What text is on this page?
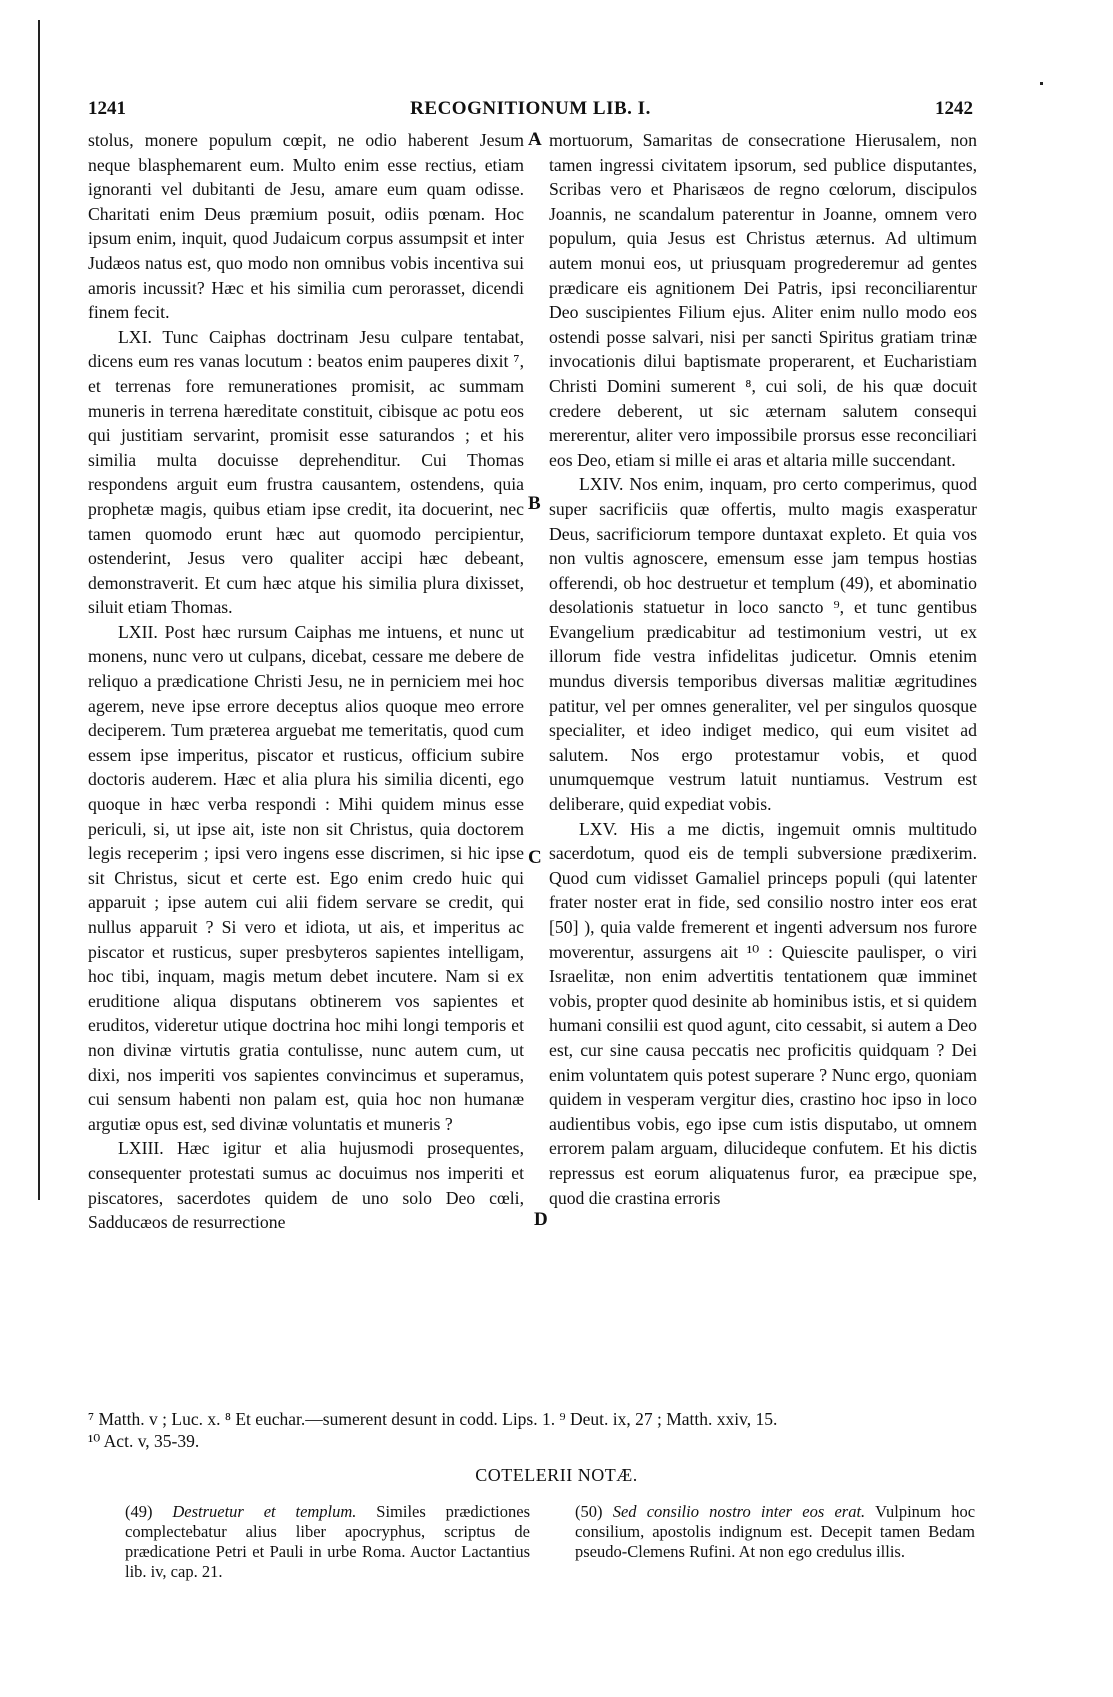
1241	RECOGNITIONUM LIB. I.	1242

stolus, monere populum cœpit, ne odio haberent Jesum neque blasphemarent eum. Multo enim esse rectius, etiam ignoranti vel dubitanti de Jesu, amare eum quam odisse. Charitati enim Deus præmium posuit, odiis pœnam. Hoc ipsum enim, inquit, quod Judaicum corpus assumpsit et inter Judæos natus est, quo modo non omnibus vobis incentiva sui amoris incussit? Hæc et his similia cum perorasset, dicendi finem fecit.

LXI. Tunc Caiphas doctrinam Jesu culpare tentabat, dicens eum res vanas locutum : beatos enim pauperes dixit ⁷, et terrenas fore remunerationes promisit, ac summam muneris in terrena hæreditate constituit, cibisque ac potu eos qui justitiam servarint, promisit esse saturandos ; et his similia multa docuisse deprehenditur. Cui Thomas respondens arguit eum frustra causantem, ostendens, quia prophetæ magis, quibus etiam ipse credit, ita docuerint, nec tamen quomodo erunt hæc aut quomodo percipientur, ostenderint, Jesus vero qualiter accipi hæc debeant, demonstraverit. Et cum hæc atque his similia plura dixisset, siluit etiam Thomas.

LXII. Post hæc rursum Caiphas me intuens, et nunc ut monens, nunc vero ut culpans, dicebat, cessare me debere de reliquo a prædicatione Christi Jesu, ne in perniciem mei hoc agerem, neve ipse errore deceptus alios quoque meo errore deciperem. Tum præterea arguebat me temeritatis, quod cum essem ipse imperitus, piscator et rusticus, officium subire doctoris auderem. Hæc et alia plura his similia dicenti, ego quoque in hæc verba respondi : Mihi quidem minus esse periculi, si, ut ipse ait, iste non sit Christus, quia doctorem legis receperim ; ipsi vero ingens esse discrimen, si hic ipse sit Christus, sicut et certe est. Ego enim credo huic qui apparuit ; ipse autem cui alii fidem servare se credit, qui nullus apparuit ? Si vero et idiota, ut ais, et imperitus ac piscator et rusticus, super presbyteros sapientes intelligam, hoc tibi, inquam, magis metum debet incutere. Nam si ex eruditione aliqua disputans obtinerem vos sapientes et eruditos, videretur utique doctrina hoc mihi longi temporis et non divinæ virtutis gratia contulisse, nunc autem cum, ut dixi, nos imperiti vos sapientes convincimus et superamus, cui sensum habenti non palam est, quia hoc non humanæ argutiæ opus est, sed divinæ voluntatis et muneris ?

LXIII. Hæc igitur et alia hujusmodi prosequentes, consequenter protestati sumus ac docuimus nos imperiti et piscatores, sacerdotes quidem de uno solo Deo cœli, Sadducæos de resurrectione

A
B
C
D

mortuorum, Samaritas de consecratione Hierusalem, non tamen ingressi civitatem ipsorum, sed publice disputantes, Scribas vero et Pharisæos de regno cœlorum, discipulos Joannis, ne scandalum paterentur in Joanne, omnem vero populum, quia Jesus est Christus æternus. Ad ultimum autem monui eos, ut priusquam progrederemur ad gentes prædicare eis agnitionem Dei Patris, ipsi reconciliarentur Deo suscipientes Filium ejus. Aliter enim nullo modo eos ostendi posse salvari, nisi per sancti Spiritus gratiam trinæ invocationis dilui baptismate properarent, et Eucharistiam Christi Domini sumerent ⁸, cui soli, de his quæ docuit credere deberent, ut sic æternam salutem consequi mererentur, aliter vero impossibile prorsus esse reconciliari eos Deo, etiam si mille ei aras et altaria mille succendant.

LXIV. Nos enim, inquam, pro certo comperimus, quod super sacrificiis quæ offertis, multo magis exasperatur Deus, sacrificiorum tempore duntaxat expleto. Et quia vos non vultis agnoscere, emensum esse jam tempus hostias offerendi, ob hoc destruetur et templum (49), et abominatio desolationis statuetur in loco sancto ⁹, et tunc gentibus Evangelium prædicabitur ad testimonium vestri, ut ex illorum fide vestra infidelitas judicetur. Omnis etenim mundus diversis temporibus diversas malitiæ ægritudines patitur, vel per omnes generaliter, vel per singulos quosque specialiter, et ideo indiget medico, qui eum visitet ad salutem. Nos ergo protestamur vobis, et quod unumquemque vestrum latuit nuntiamus. Vestrum est deliberare, quid expediat vobis.

LXV. His a me dictis, ingemuit omnis multitudo sacerdotum, quod eis de templi subversione prædixerim. Quod cum vidisset Gamaliel princeps populi (qui latenter frater noster erat in fide, sed consilio nostro inter eos erat [50] ), quia valde fremerent et ingenti adversum nos furore moverentur, assurgens ait ¹⁰ : Quiescite paulisper, o viri Israelitæ, non enim advertitis tentationem quæ imminet vobis, propter quod desinite ab hominibus istis, et si quidem humani consilii est quod agunt, cito cessabit, si autem a Deo est, cur sine causa peccatis nec proficitis quidquam ? Dei enim voluntatem quis potest superare ? Nunc ergo, quoniam quidem in vesperam vergitur dies, crastino hoc ipso in loco audientibus vobis, ego ipse cum istis disputabo, ut omnem errorem palam arguam, dilucideque confutem. Et his dictis repressus est eorum aliquatenus furor, ea præcipue spe, quod die crastina erroris

⁷ Matth. v ; Luc. x. ⁸ Et euchar.—sumerent desunt in codd. Lips. 1. ⁹ Deut. ix, 27 ; Matth. xxiv, 15.
¹⁰ Act. v, 35-39.
COTELERII NOTÆ.
(49) Destruetur et templum. Similes prædictiones complectebatur alius liber apocryphus, scriptus de prædicatione Petri et Pauli in urbe Roma. Auctor Lactantius lib. iv, cap. 21.
(50) Sed consilio nostro inter eos erat. Vulpinum hoc consilium, apostolis indignum est. Decepit tamen Bedam pseudo-Clemens Rufini. At non ego credulus illis.
